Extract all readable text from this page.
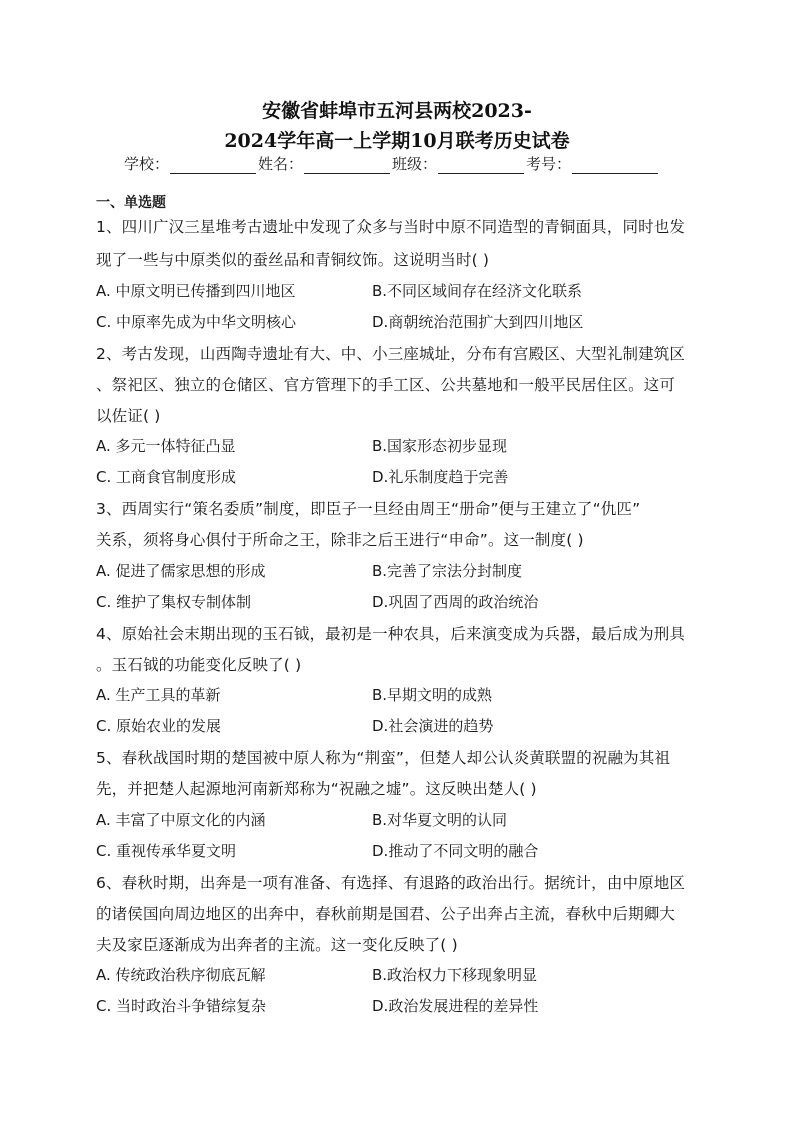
安徽省蚌埠市五河县两校2023-
2024学年高一上学期10月联考历史试卷
学校：	姓名：	班级：	考号：
一、单选题
1、四川广汉三星堆考古遗址中发现了众多与当时中原不同造型的青铜面具，同时也发
现了一些与中原类似的蚕丝品和青铜纹饰。这说明当时( )
A. 中原文明已传播到四川地区	B.不同区域间存在经济文化联系
C. 中原率先成为中华文明核心	D.商朝统治范围扩大到四川地区
2、考古发现，山西陶寺遗址有大、中、小三座城址，分布有宫殿区、大型礼制建筑区
、祭祀区、独立的仓储区、官方管理下的手工区、公共墓地和一般平民居住区。这可
以佐证( )
A. 多元一体特征凸显	B.国家形态初步显现
C. 工商食官制度形成	D.礼乐制度趋于完善
3、西周实行“策名委质”制度，即臣子一旦经由周王“册命”便与王建立了“仇匹”
关系，须将身心俱付于所命之王，除非之后王进行“申命”。这一制度( )
A. 促进了儒家思想的形成	B.完善了宗法分封制度
C. 维护了集权专制体制	D.巩固了西周的政治统治
4、原始社会末期出现的玉石钺，最初是一种农具，后来演变成为兵器，最后成为刑具
。玉石钺的功能变化反映了( )
A. 生产工具的革新	B.早期文明的成熟
C. 原始农业的发展	D.社会演进的趋势
5、春秋战国时期的楚国被中原人称为“荆蛮”，但楚人却公认炎黄联盟的祝融为其祖
先，并把楚人起源地河南新郑称为“祝融之墟”。这反映出楚人( )
A. 丰富了中原文化的内涵	B.对华夏文明的认同
C. 重视传承华夏文明	D.推动了不同文明的融合
6、春秋时期，出奔是一项有准备、有选择、有退路的政治出行。据统计，由中原地区
的诸侯国向周边地区的出奔中，春秋前期是国君、公子出奔占主流，春秋中后期卿大
夫及家臣逐渐成为出奔者的主流。这一变化反映了( )
A. 传统政治秩序彻底瓦解	B.政治权力下移现象明显
C. 当时政治斗争错综复杂	D.政治发展进程的差异性
